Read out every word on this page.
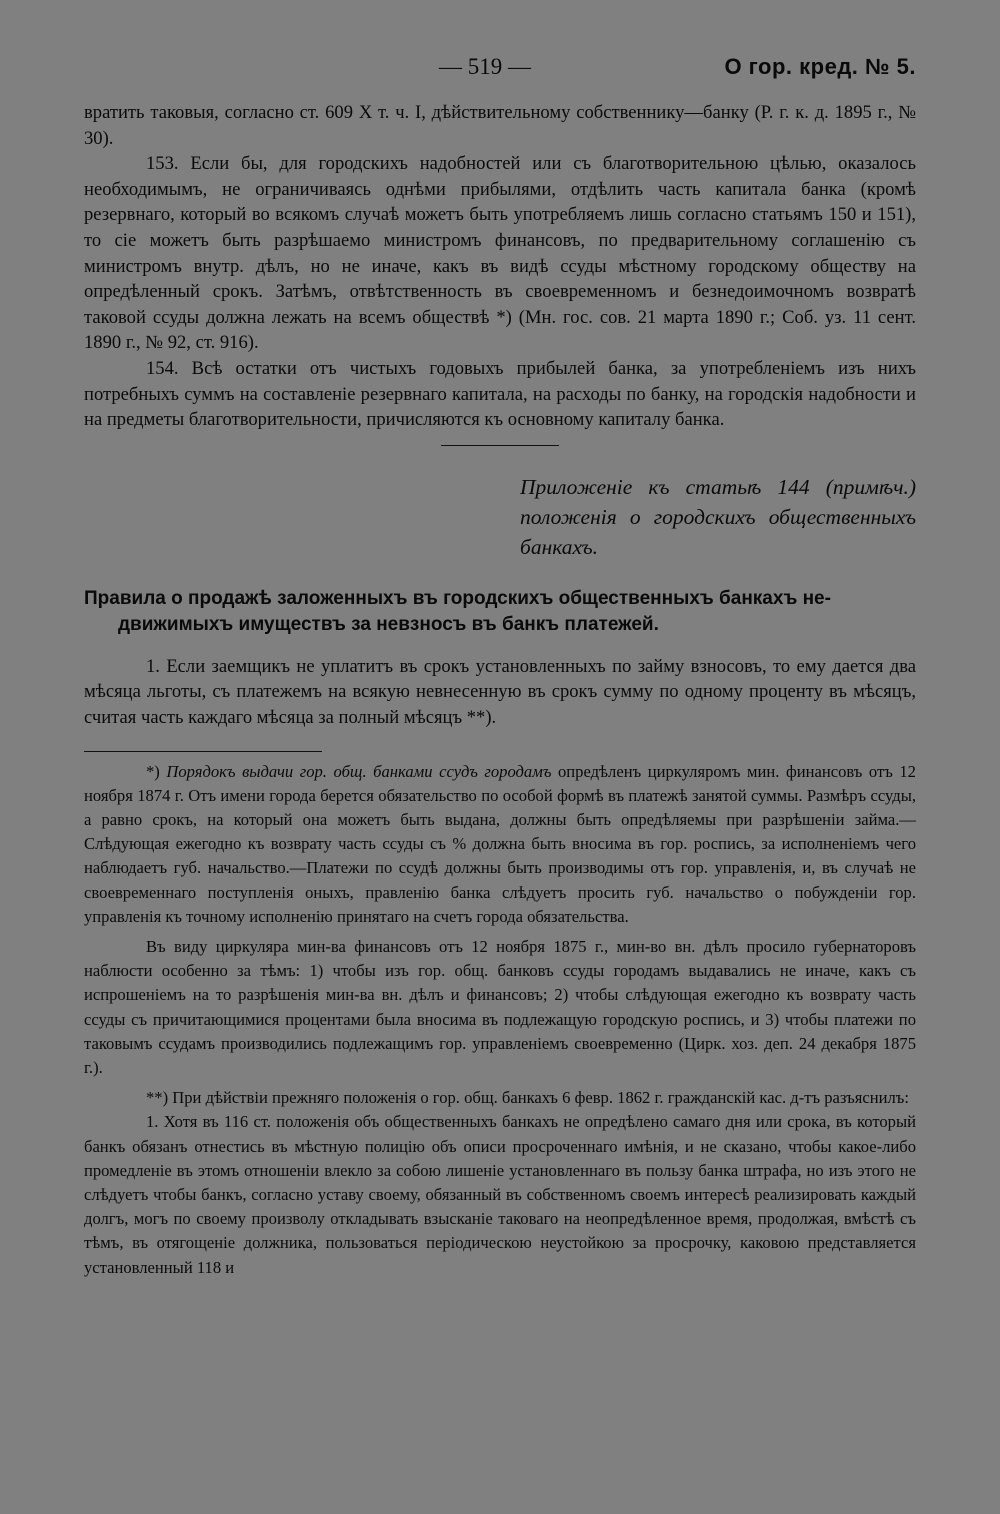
— 519 —	О гор. кред. № 5.

вратить таковыя, согласно ст. 609 X т. ч. I, дѣйствительному собственнику—банку (Р. г. к. д. 1895 г., № 30).

153. Если бы, для городскихъ надобностей или съ благотворительною цѣлью, оказалось необходимымъ, не ограничиваясь однѣми прибылями, отдѣлить часть капитала банка (кромѣ резервнаго, который во всякомъ случаѣ можетъ быть употребляемъ лишь согласно статьямъ 150 и 151), то сіе можетъ быть разрѣшаемо министромъ финансовъ, по предварительному соглашенію съ министромъ внутр. дѣлъ, но не иначе, какъ въ видѣ ссуды мѣстному городскому обществу на опредѣленный срокъ. Затѣмъ, отвѣтственность въ своевременномъ и безнедоимочномъ возвратѣ таковой ссуды должна лежать на всемъ обществѣ *) (Мн. гос. сов. 21 марта 1890 г.; Соб. уз. 11 сент. 1890 г., № 92, ст. 916).

154. Всѣ остатки отъ чистыхъ годовыхъ прибылей банка, за употребленіемъ изъ нихъ потребныхъ суммъ на составленіе резервнаго капитала, на расходы по банку, на городскія надобности и на предметы благотворительности, причисляются къ основному капиталу банка.

Приложеніе къ статьѣ 144 (примѣч.) положенія о городскихъ общественныхъ банкахъ.
Правила о продажѣ заложенныхъ въ городскихъ общественныхъ банкахъ не-
движимыхъ имуществъ за невзносъ въ банкъ платежей.

1. Если заемщикъ не уплатитъ въ срокъ установленныхъ по займу взносовъ, то ему дается два мѣсяца льготы, съ платежемъ на всякую невнесенную въ срокъ сумму по одному проценту въ мѣсяцъ, считая часть каждаго мѣсяца за полный мѣсяцъ **).

*) Порядокъ выдачи гор. общ. банками ссудъ городамъ опредѣленъ циркуляромъ мин. финансовъ отъ 12 ноября 1874 г. Отъ имени города берется обязательство по особой формѣ въ платежѣ занятой суммы. Размѣръ ссуды, а равно срокъ, на который она можетъ быть выдана, должны быть опредѣляемы при разрѣшеніи займа.—Слѣдующая ежегодно къ возврату часть ссуды съ % должна быть вносима въ гор. роспись, за исполненіемъ чего наблюдаетъ губ. начальство.—Платежи по ссудѣ должны быть производимы отъ гор. управленія, и, въ случаѣ не своевременнаго поступленія оныхъ, правленію банка слѣдуетъ просить губ. начальство о побужденіи гор. управленія къ точному исполненію принятаго на счетъ города обязательства.

Въ виду циркуляра мин-ва финансовъ отъ 12 ноября 1875 г., мин-во вн. дѣлъ просило губернаторовъ наблюсти особенно за тѣмъ: 1) чтобы изъ гор. общ. банковъ ссуды городамъ выдавались не иначе, какъ съ испрошеніемъ на то разрѣшенія мин-ва вн. дѣлъ и финансовъ; 2) чтобы слѣдующая ежегодно къ возврату часть ссуды съ причитающимися процентами была вносима въ подлежащую городскую роспись, и 3) чтобы платежи по таковымъ ссудамъ производились подлежащимъ гор. управленіемъ своевременно (Цирк. хоз. деп. 24 декабря 1875 г.).

**) При дѣйствіи прежняго положенія о гор. общ. банкахъ 6 февр. 1862 г. гражданскій кас. д-тъ разъяснилъ:

1. Хотя въ 116 ст. положенія объ общественныхъ банкахъ не опредѣлено самаго дня или срока, въ который банкъ обязанъ отнестись въ мѣстную полицію объ описи просроченнаго имѣнія, и не сказано, чтобы какое-либо промедленіе въ этомъ отношеніи влекло за собою лишеніе установленнаго въ пользу банка штрафа, но изъ этого не слѣдуетъ чтобы банкъ, согласно уставу своему, обязанный въ собственномъ своемъ интересѣ реализировать каждый долгъ, могъ по своему произволу откладывать взысканіе таковаго на неопредѣленное время, продолжая, вмѣстѣ съ тѣмъ, въ отягощеніе должника, пользоваться періодическою неустойкою за просрочку, каковою представляется установленный 118 и
